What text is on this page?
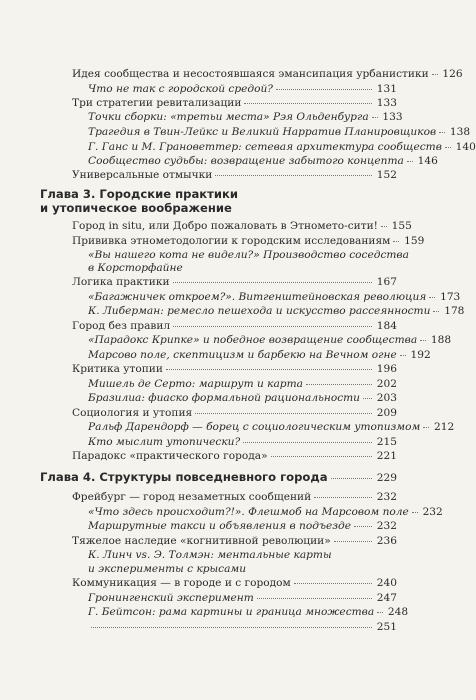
Идея сообщества и несостоявшаяся эмансипация урбанистики 126
Что не так с городской средой?	131
Три стратегии ревитализации	133
Точки сборки: «третьи места» Рэя Ольденбурга 133
Трагедия в Твин-Лейкс и Великий Нарратив Планировщиков 138
Г. Ганс и М. Грановеттер: сетевая архитектура сообществ 140
Сообщество судьбы: возвращение забытого концепта 146
Универсальные отмычки	152
Глава 3. Городские практики
и утопическое воображение
Город in situ, или Добро пожаловать в Этномето-сити! 155
Прививка этнометодологии к городским исследованиям 159
«Вы нашего кота не видели?» Производство соседства
в Корсторфайне
Логика практики	167
«Багажничек откроем?». Витгенштейновская революция 173
К. Либерман: ремесло пешехода и искусство рассеянности 178
Город без правил	184
«Парадокс Крипке» и победное возвращение сообщества 188
Марсово поле, скептицизм и барбекю на Вечном огне 192
Критика утопии	196
Мишель де Серто: маршрут и карта	202
Бразилиа: фиаско формальной рациональности 203
Социология и утопия	209
Ральф Дарендорф — борец с социологическим утопизмом 212
Кто мыслит утопически?	215
Парадокс «практического города»	221
Глава 4. Структуры повседневного города	229
Фрейбург — город незаметных сообщений	232
«Что здесь происходит?!». Флешмоб на Марсовом поле 232
Маршрутные такси и объявления в подъезде 232
Тяжелое наследие «когнитивной революции»	236
К. Линч vs. Э. Толмэн: ментальные карты
и эксперименты с крысами
Коммуникация — в городе и с городом	240
Гронингенский эксперимент	247
Г. Бейтсон: рама картины и граница множества 248
251
